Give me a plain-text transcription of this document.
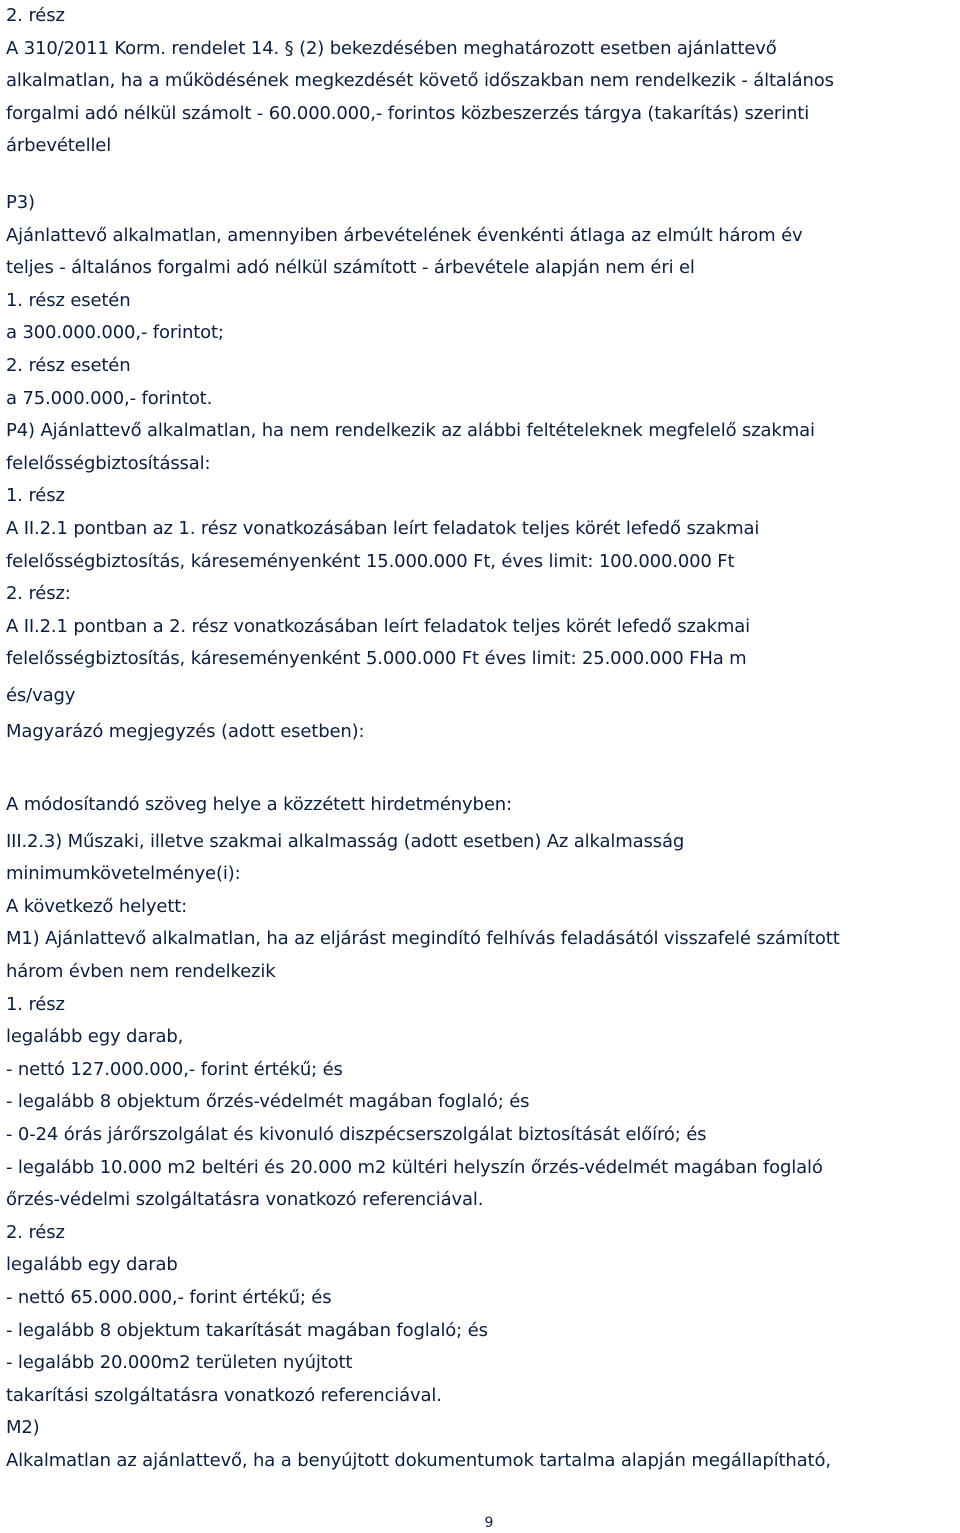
2. rész
A 310/2011 Korm. rendelet 14. § (2) bekezdésében meghatározott esetben ajánlattevő
alkalmatlan, ha a működésének megkezdését követő időszakban nem rendelkezik - általános
forgalmi adó nélkül számolt - 60.000.000,- forintos közbeszerzés tárgya (takarítás) szerinti
árbevétellel
P3)
Ajánlattevő alkalmatlan, amennyiben árbevételének évenkénti átlaga az elmúlt három év
teljes - általános forgalmi adó nélkül számított - árbevétele alapján nem éri el
1. rész esetén
a 300.000.000,- forintot;
2. rész esetén
a 75.000.000,- forintot.
P4) Ajánlattevő alkalmatlan, ha nem rendelkezik az alábbi feltételeknek megfelelő szakmai
felelősségbiztosítással:
1. rész
A II.2.1 pontban az 1. rész vonatkozásában leírt feladatok teljes körét lefedő szakmai
felelősségbiztosítás, káreseményenként 15.000.000 Ft, éves limit: 100.000.000 Ft
2. rész:
A II.2.1 pontban a 2. rész vonatkozásában leírt feladatok teljes körét lefedő szakmai
felelősségbiztosítás, káreseményenként 5.000.000 Ft éves limit: 25.000.000 FHa m
és/vagy
Magyarázó megjegyzés (adott esetben):
A módosítandó szöveg helye a közzétett hirdetményben:
III.2.3) Műszaki, illetve szakmai alkalmasság (adott esetben) Az alkalmasság
minimumkövetelménye(i):
A következő helyett:
M1) Ajánlattevő alkalmatlan, ha az eljárást megindító felhívás feladásától visszafelé számított
három évben nem rendelkezik
1. rész
legalább egy darab,
- nettó 127.000.000,- forint értékű; és
- legalább 8 objektum őrzés-védelmét magában foglaló; és
- 0-24 órás járőrszolgálat és kivonuló diszpécserszolgálat biztosítását előíró; és
- legalább 10.000 m2 beltéri és 20.000 m2 kültéri helyszín őrzés-védelmét magában foglaló
őrzés-védelmi szolgáltatásra vonatkozó referenciával.
2. rész
legalább egy darab
- nettó 65.000.000,- forint értékű; és
- legalább 8 objektum takarítását magában foglaló; és
- legalább 20.000m2 területen nyújtott
takarítási szolgáltatásra vonatkozó referenciával.
M2)
Alkalmatlan az ajánlattevő, ha a benyújtott dokumentumok tartalma alapján megállapítható,
9
